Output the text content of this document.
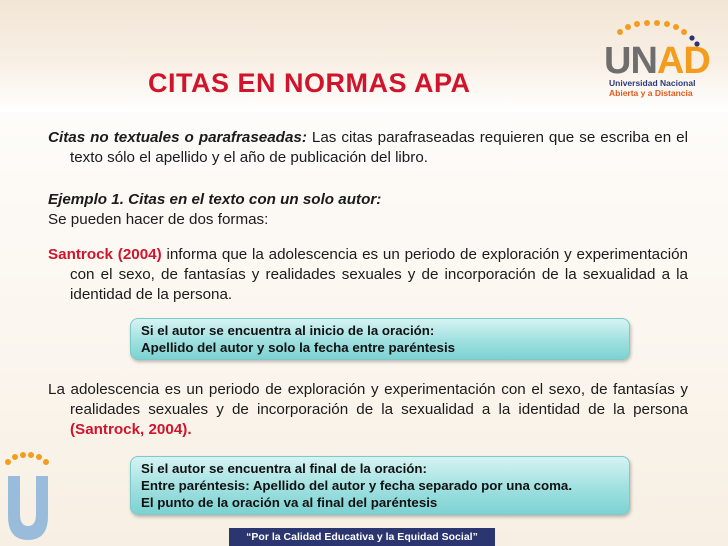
CITAS EN NORMAS APA
UNAD
Universidad Nacional
Abierta y a Distancia
Citas no textuales o parafraseadas: Las citas parafraseadas requieren que se escriba en el texto sólo el apellido y el año de publicación del libro.
Ejemplo 1. Citas en el texto con un solo autor:
Se pueden hacer de dos formas:
Santrock (2004) informa que la adolescencia es un periodo de exploración y experimentación con el sexo, de fantasías y realidades sexuales y de incorporación de la sexualidad a la identidad de la persona.
Si el autor se encuentra al inicio de la oración:
Apellido del autor y solo la fecha entre paréntesis
La adolescencia es un periodo de exploración y experimentación con el sexo, de fantasías y realidades sexuales y de incorporación de la sexualidad a la identidad de la persona (Santrock, 2004).
Si el autor se encuentra al final de la oración:
Entre paréntesis: Apellido del autor y fecha separado por una coma.
El punto de la oración va al final del paréntesis
“Por la Calidad Educativa y la Equidad Social”
